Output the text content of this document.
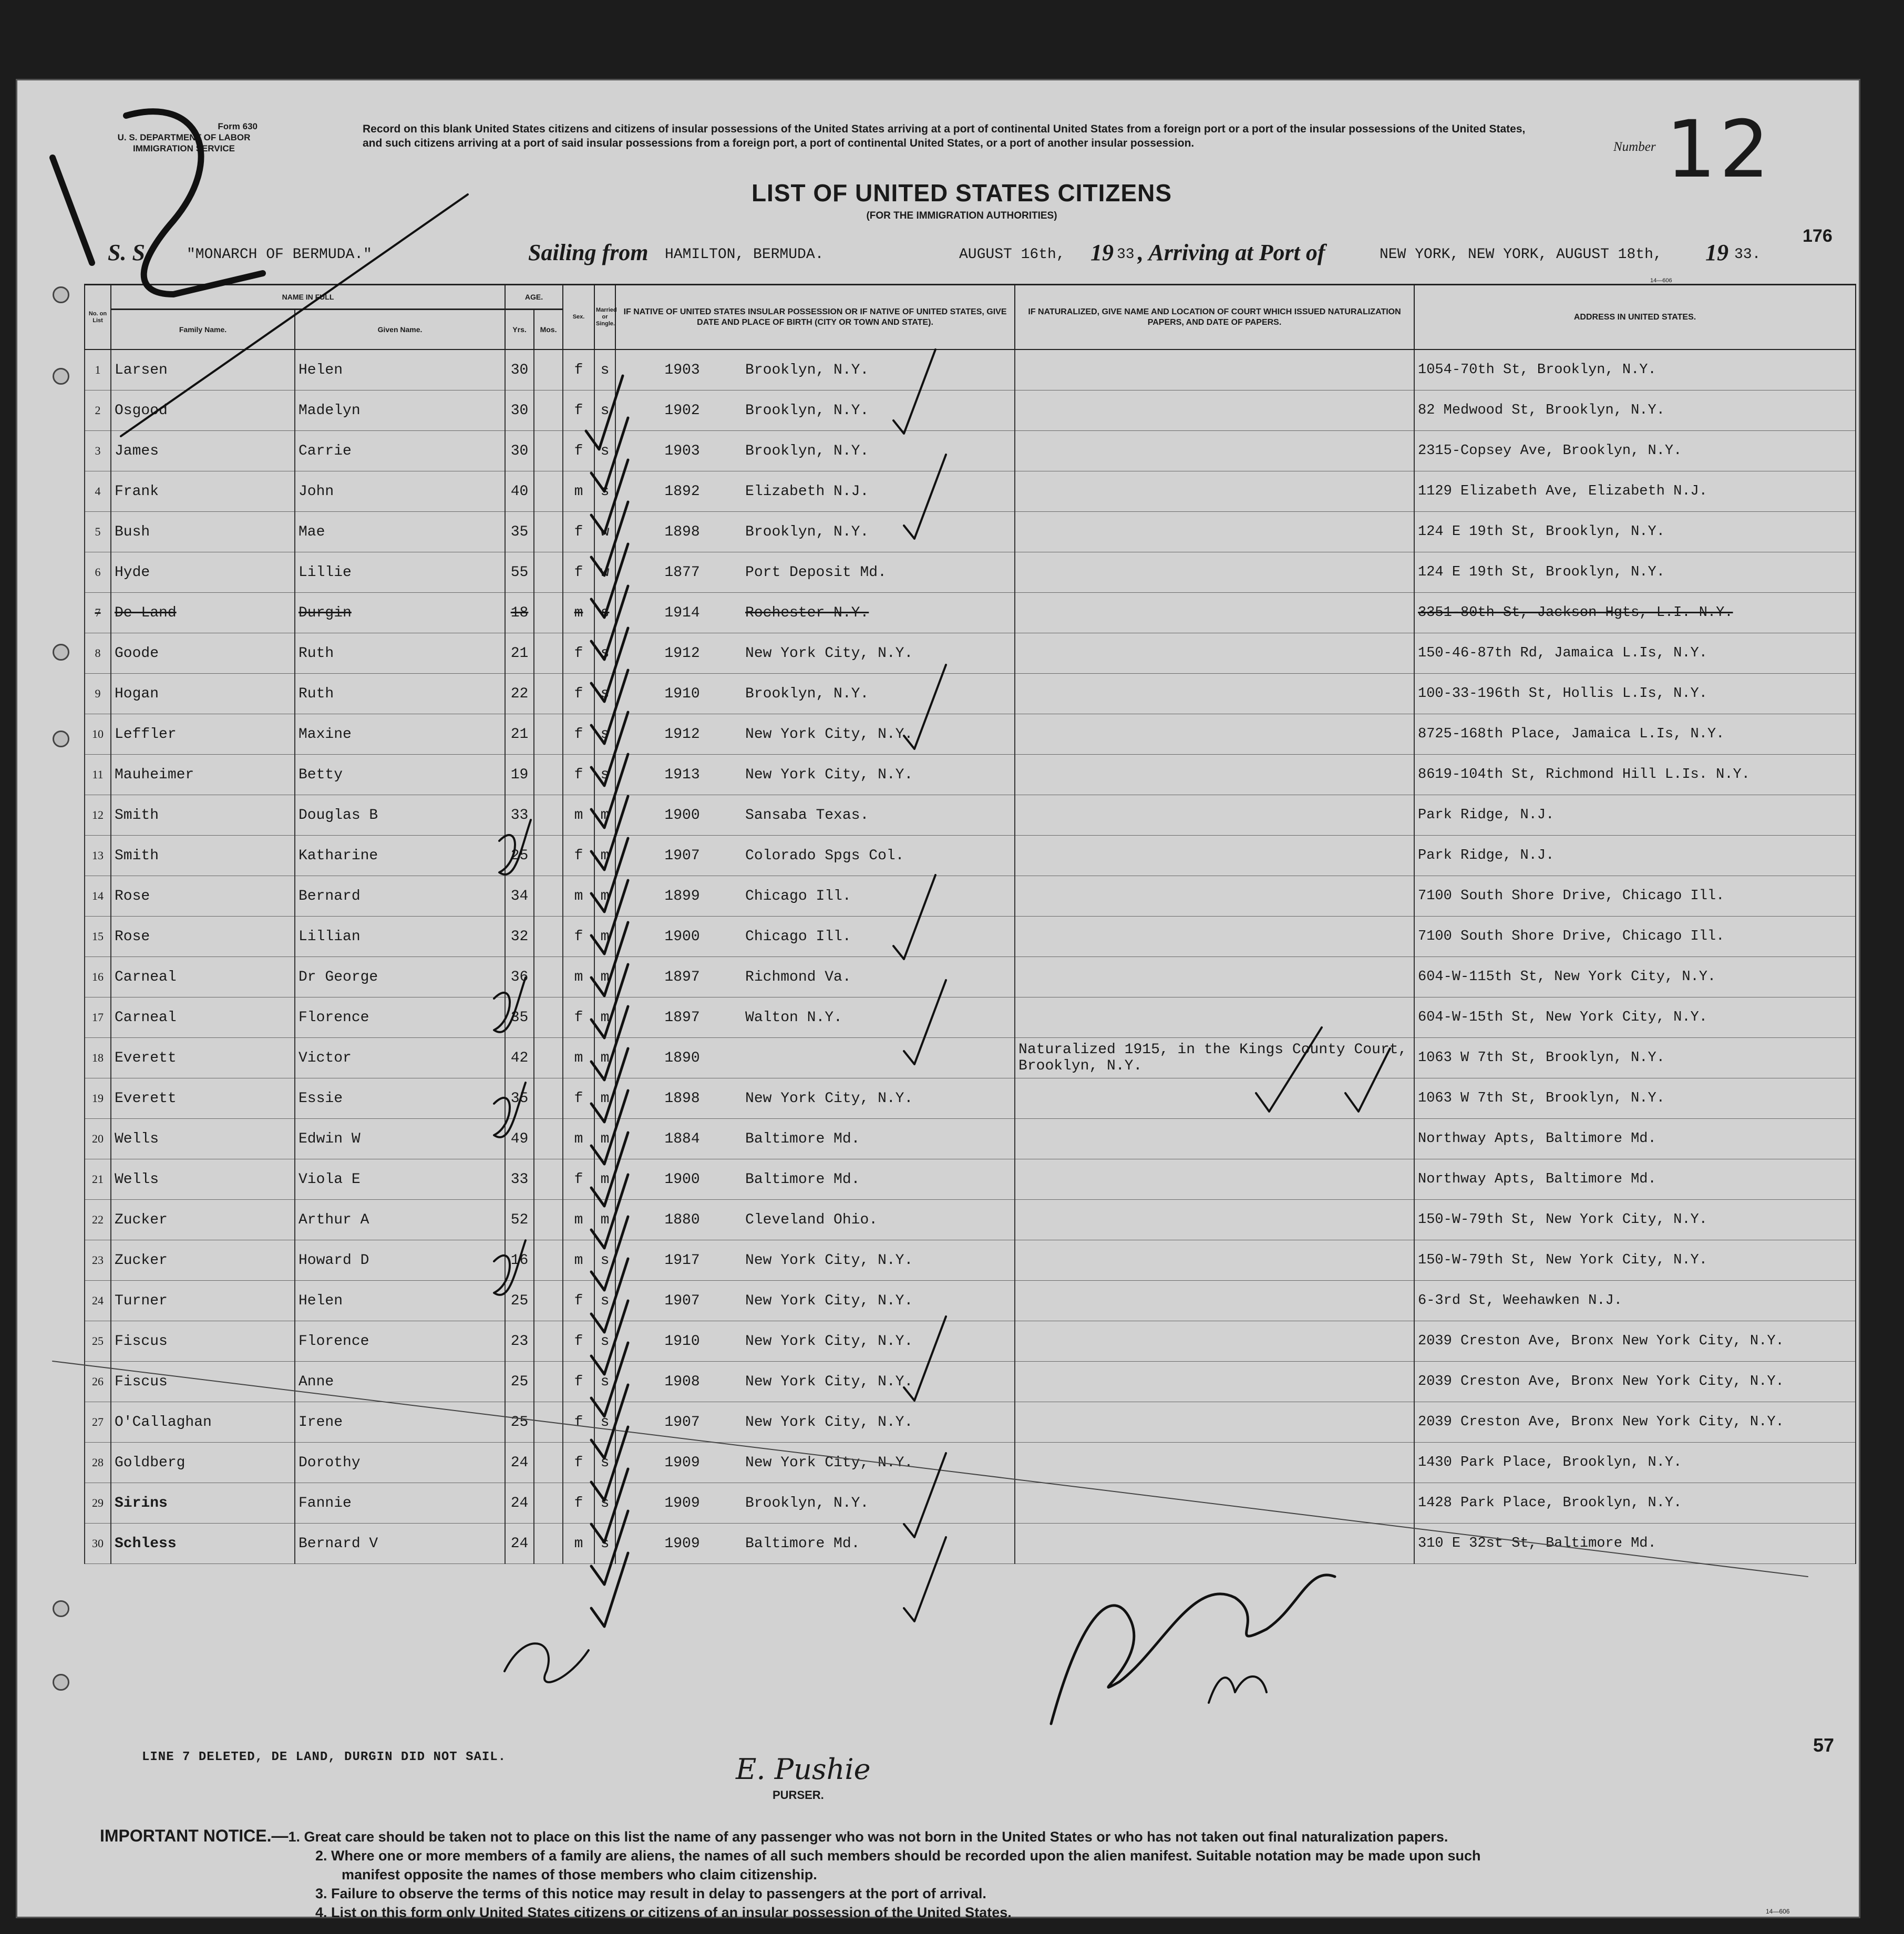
Form 630
U. S. DEPARTMENT OF LABOR
IMMIGRATION SERVICE
Record on this blank United States citizens and citizens of insular possessions of the United States arriving at a port of continental United States from a foreign port or a port of the insular possessions of the United States, and such citizens arriving at a port of said insular possessions from a foreign port, a port of continental United States, or a port of another insular possession.	Number 12
LIST OF UNITED STATES CITIZENS
(FOR THE IMMIGRATION AUTHORITIES)
S. S. "MONARCH OF BERMUDA."	Sailing from HAMILTON, BERMUDA.	AUGUST 16th, 19 33 , Arriving at Port of	NEW YORK, NEW YORK, AUGUST 18th, 19 33.
176
14—606
No. on List	NAME IN FULL		AGE.		Sex.	Married or Single.	IF NATIVE OF UNITED STATES INSULAR POSSESSION OR IF NATIVE OF UNITED STATES, GIVE DATE AND PLACE OF BIRTH (CITY OR TOWN AND STATE).	IF NATURALIZED, GIVE NAME AND LOCATION OF COURT WHICH ISSUED NATURALIZATION PAPERS, AND DATE OF PAPERS.	ADDRESS IN UNITED STATES.
	Family Name.	Given Name.	Yrs.	Mos.					
1	Larsen	Helen	30		f	s	1903 Brooklyn, N.Y.		1054-70th St, Brooklyn, N.Y.
2	Osgood	Madelyn	30		f	s	1902 Brooklyn, N.Y.		82 Medwood St, Brooklyn, N.Y.
3	James	Carrie	30		f	s	1903 Brooklyn, N.Y.		2315-Copsey Ave, Brooklyn, N.Y.
4	Frank	John	40		m	s	1892 Elizabeth N.J.		1129 Elizabeth Ave, Elizabeth N.J.
5	Bush	Mae	35		f	w	1898 Brooklyn, N.Y.		124 E 19th St, Brooklyn, N.Y.
6	Hyde	Lillie	55		f	w	1877 Port Deposit Md.		124 E 19th St, Brooklyn, N.Y.
7	De Land	Durgin	18		m	s	1914 Rochester N.Y.		3351-80th St, Jackson Hgts, L.I. N.Y.
8	Goode	Ruth	21		f	s	1912 New York City, N.Y.		150-46-87th Rd, Jamaica L.Is, N.Y.
9	Hogan	Ruth	22		f	s	1910 Brooklyn, N.Y.		100-33-196th St, Hollis L.Is, N.Y.
10	Leffler	Maxine	21		f	s	1912 New York City, N.Y.		8725-168th Place, Jamaica L.Is, N.Y.
11	Mauheimer	Betty	19		f	s	1913 New York City, N.Y.		8619-104th St, Richmond Hill L.Is. N.Y.
12	Smith	Douglas B	33		m	m	1900 Sansaba Texas.		Park Ridge, N.J.
13	Smith	Katharine	25		f	m	1907 Colorado Spgs Col.		Park Ridge, N.J.
14	Rose	Bernard	34		m	m	1899 Chicago Ill.		7100 South Shore Drive, Chicago Ill.
15	Rose	Lillian	32		f	m	1900 Chicago Ill.		7100 South Shore Drive, Chicago Ill.
16	Carneal	Dr George	36		m	m	1897 Richmond Va.		604-W-115th St, New York City, N.Y.
17	Carneal	Florence	35		f	m	1897 Walton N.Y.		604-W-15th St, New York City, N.Y.
18	Everett	Victor	42		m	m	1890	Naturalized 1915, in the Kings County Court, Brooklyn, N.Y.	1063 W 7th St, Brooklyn, N.Y.
19	Everett	Essie	35		f	m	1898 New York City, N.Y.		1063 W 7th St, Brooklyn, N.Y.
20	Wells	Edwin W	49		m	m	1884 Baltimore Md.		Northway Apts, Baltimore Md.
21	Wells	Viola E	33		f	m	1900 Baltimore Md.		Northway Apts, Baltimore Md.
22	Zucker	Arthur A	52		m	m	1880 Cleveland Ohio.		150-W-79th St, New York City, N.Y.
23	Zucker	Howard D	16		m	s	1917 New York City, N.Y.		150-W-79th St, New York City, N.Y.
24	Turner	Helen	25		f	s	1907 New York City, N.Y.		6-3rd St, Weehawken N.J.
25	Fiscus	Florence	23		f	s	1910 New York City, N.Y.		2039 Creston Ave, Bronx New York City, N.Y.
26	Fiscus	Anne	25		f	s	1908 New York City, N.Y.		2039 Creston Ave, Bronx New York City, N.Y.
27	O'Callaghan	Irene	25		f	s	1907 New York City, N.Y.		2039 Creston Ave, Bronx New York City, N.Y.
28	Goldberg	Dorothy	24		f	s	1909 New York City, N.Y.		1430 Park Place, Brooklyn, N.Y.
29	Sirins	Fannie	24		f	s	1909 Brooklyn, N.Y.		1428 Park Place, Brooklyn, N.Y.
30	Schless	Bernard V	24		m	s	1909 Baltimore Md.		310 E 32st St, Baltimore Md.
LINE 7 DELETED, DE LAND, DURGIN DID NOT SAIL.	E. Pushie
PURSER.
57
IMPORTANT NOTICE.—1. Great care should be taken not to place on this list the name of any passenger who was not born in the United States or who has not taken out final naturalization papers.
2. Where one or more members of a family are aliens, the names of all such members should be recorded upon the alien manifest. Suitable notation may be made upon such
manifest opposite the names of those members who claim citizenship.
3. Failure to observe the terms of this notice may result in delay to passengers at the port of arrival.
4. List on this form only United States citizens or citizens of an insular possession of the United States.	14—606
